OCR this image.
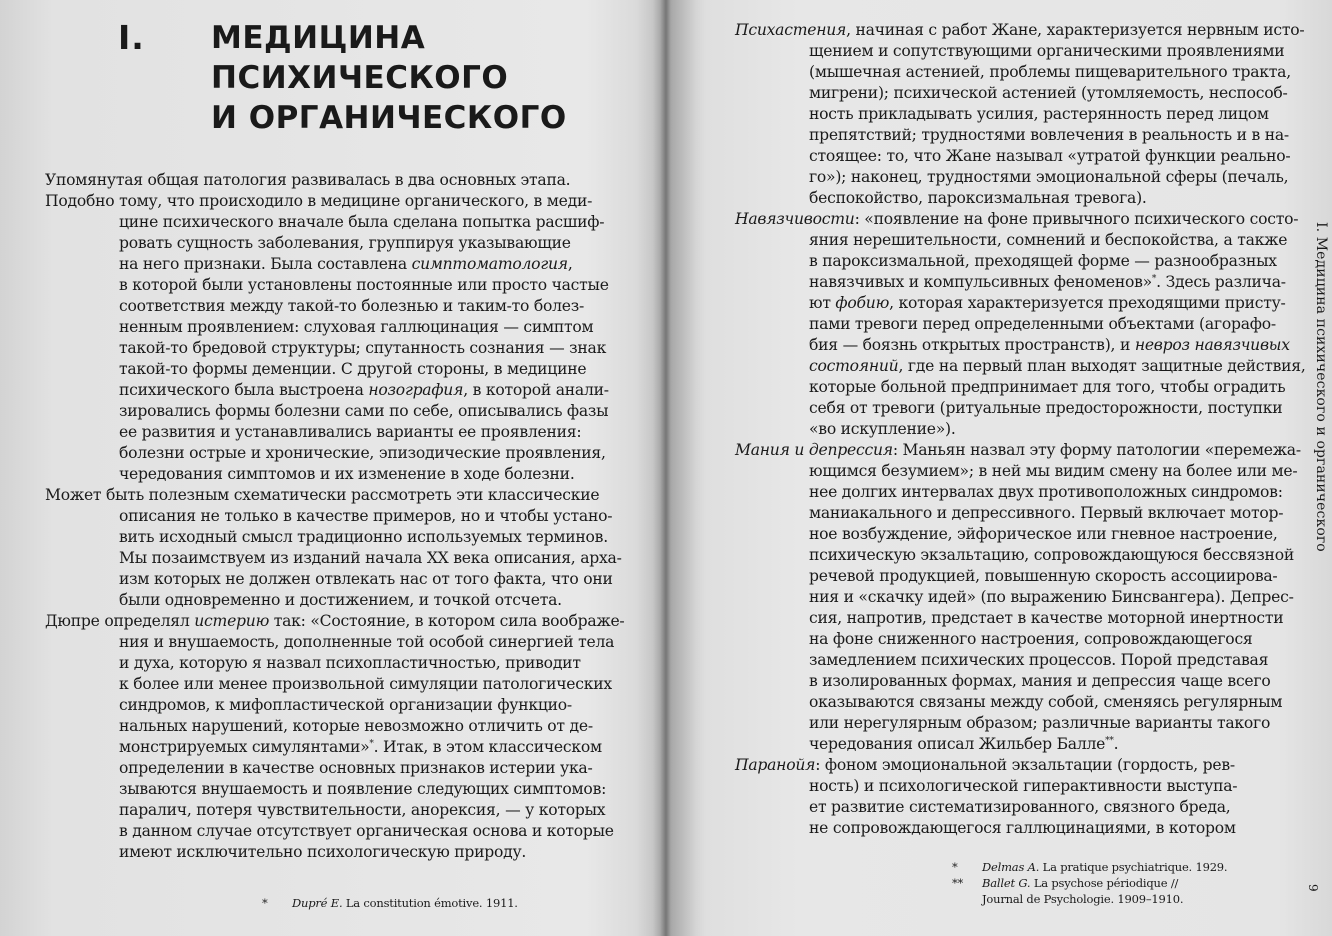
I. МЕДИЦИНА
ПСИХИЧЕСКОГО
И ОРГАНИЧЕСКОГО

Упомянутая общая патология развивалась в два основных этапа.

Подобно тому, что происходило в медицине органического, в меди-
цине психического вначале была сделана попытка расшиф-
ровать сущность заболевания, группируя указывающие
на него признаки. Была составлена симптоматология,
в которой были установлены постоянные или просто частые
соответствия между такой-то болезнью и таким-то болез-
ненным проявлением: слуховая галлюцинация — симптом
такой-то бредовой структуры; спутанность сознания — знак
такой-то формы деменции. С другой стороны, в медицине
психического была выстроена нозография, в которой анали-
зировались формы болезни сами по себе, описывались фазы
ее развития и устанавливались варианты ее проявления:
болезни острые и хронические, эпизодические проявления,
чередования симптомов и их изменение в ходе болезни.

Может быть полезным схематически рассмотреть эти классические
описания не только в качестве примеров, но и чтобы устано-
вить исходный смысл традиционно используемых терминов.
Мы позаимствуем из изданий начала XX века описания, арха-
изм которых не должен отвлекать нас от того факта, что они
были одновременно и достижением, и точкой отсчета.

Дюпре определял истерию так: «Состояние, в котором сила воображе-
ния и внушаемость, дополненные той особой синергией тела
и духа, которую я назвал психопластичностью, приводит
к более или менее произвольной симуляции патологических
синдромов, к мифопластической организации функцио-
нальных нарушений, которые невозможно отличить от де-
монстрируемых симулянтами»*. Итак, в этом классическом
определении в качестве основных признаков истерии ука-
зываются внушаемость и появление следующих симптомов:
паралич, потеря чувствительности, анорексия, — у которых
в данном случае отсутствует органическая основа и которые
имеют исключительно психологическую природу.

* Dupré E. La constitution émotive. 1911.

Психастения, начиная с работ Жане, характеризуется нервным исто-
щением и сопутствующими органическими проявлениями
(мышечная астенией, проблемы пищеварительного тракта,
мигрени); психической астенией (утомляемость, неспособ-
ность прикладывать усилия, растерянность перед лицом
препятствий; трудностями вовлечения в реальность и в на-
стоящее: то, что Жане называл «утратой функции реально-
го»); наконец, трудностями эмоциональной сферы (печаль,
беспокойство, пароксизмальная тревога).

Навязчивости: «появление на фоне привычного психического состо-
яния нерешительности, сомнений и беспокойства, а также
в пароксизмальной, преходящей форме — разнообразных
навязчивых и компульсивных феноменов»*. Здесь различа-
ют фобию, которая характеризуется преходящими присту-
пами тревоги перед определенными объектами (агорафо-
бия — боязнь открытых пространств), и невроз навязчивых
состояний, где на первый план выходят защитные действия,
которые больной предпринимает для того, чтобы оградить
себя от тревоги (ритуальные предосторожности, поступки
«во искупление»).

Мания и депрессия: Маньян назвал эту форму патологии «перемежа-
ющимся безумием»; в ней мы видим смену на более или ме-
нее долгих интервалах двух противоположных синдромов:
маниакального и депрессивного. Первый включает мотор-
ное возбуждение, эйфорическое или гневное настроение,
психическую экзальтацию, сопровождающуюся бессвязной
речевой продукцией, повышенную скорость ассоциирова-
ния и «скачку идей» (по выражению Бинсвангера). Депрес-
сия, напротив, предстает в качестве моторной инертности
на фоне сниженного настроения, сопровождающегося
замедлением психических процессов. Порой представая
в изолированных формах, мания и депрессия чаще всего
оказываются связаны между собой, сменяясь регулярным
или нерегулярным образом; различные варианты такого
чередования описал Жильбер Балле**.

Паранойя: фоном эмоциональной экзальтации (гордость, рев-
ность) и психологической гиперактивности выступа-
ет развитие систематизированного, связного бреда,
не сопровождающегося галлюцинациями, в котором

* Delmas A. La pratique psychiatrique. 1929.
** Ballet G. La psychose périodique //
Journal de Psychologie. 1909–1910.
I. Медицина психического и органического
9
